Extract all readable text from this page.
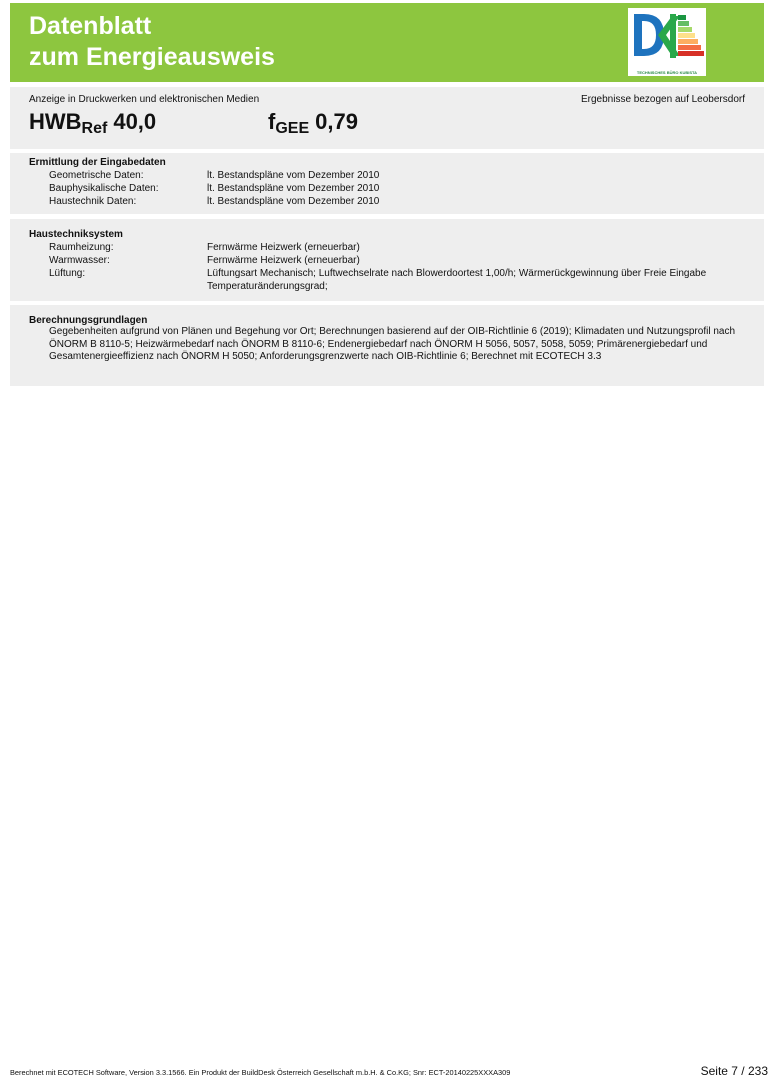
Datenblatt
zum Energieausweis
TECHNISCHES BÜRO KUBISTA
Anzeige in Druckwerken und elektronischen Medien	Ergebnisse bezogen auf Leobersdorf
HWBRef 40,0	fGEE 0,79
Ermittlung der Eingabedaten
Geometrische Daten:	lt. Bestandspläne vom Dezember 2010
Bauphysikalische Daten:	lt. Bestandspläne vom Dezember 2010
Haustechnik Daten:	lt. Bestandspläne vom Dezember 2010
Haustechniksystem
Raumheizung:	Fernwärme Heizwerk (erneuerbar)
Warmwasser:	Fernwärme Heizwerk (erneuerbar)
Lüftung:	Lüftungsart Mechanisch; Luftwechselrate nach Blowerdoortest 1,00/h; Wärmerückgewinnung über Freie Eingabe Temperaturänderungsgrad;
Berechnungsgrundlagen
Gegebenheiten aufgrund von Plänen und Begehung vor Ort; Berechnungen basierend auf der OIB-Richtlinie 6 (2019); Klimadaten und Nutzungsprofil nach ÖNORM B 8110-5; Heizwärmebedarf nach ÖNORM B 8110-6; Endenergiebedarf nach ÖNORM H 5056, 5057, 5058, 5059; Primärenergiebedarf und Gesamtenergieeffizienz nach ÖNORM H 5050; Anforderungsgrenzwerte nach OIB-Richtlinie 6; Berechnet mit ECOTECH 3.3
Berechnet mit ECOTECH Software, Version 3.3.1566. Ein Produkt der BuildDesk Österreich Gesellschaft m.b.H. & Co.KG; Snr: ECT-20140225XXXA309	Seite 7 / 233
